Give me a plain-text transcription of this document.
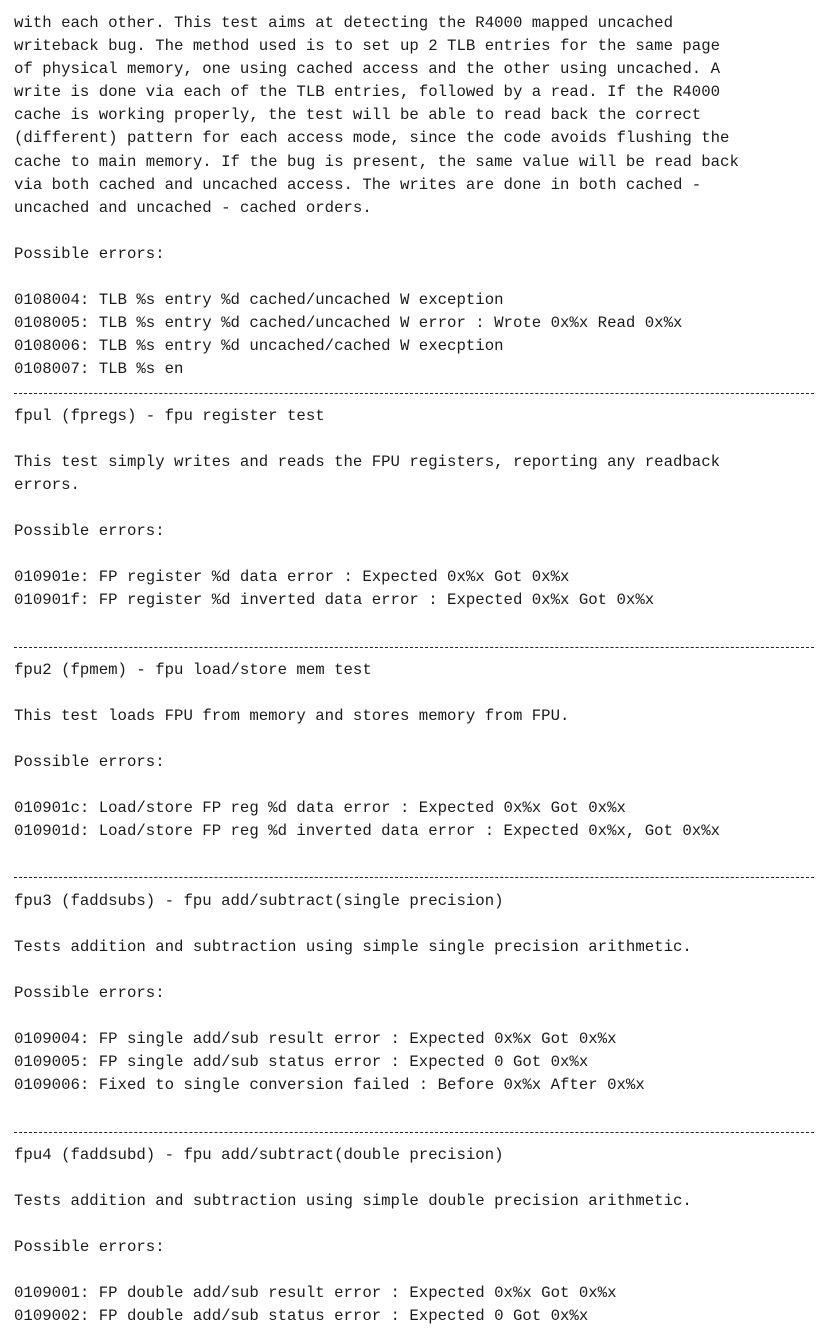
with each other. This test aims at detecting the R4000 mapped uncached
writeback bug. The method used is to set up 2 TLB entries for the same page
of physical memory, one using cached access and the other using uncached. A
write is done via each of the TLB entries, followed by a read. If the R4000
cache is working properly, the test will be able to read back the correct
(different) pattern for each access mode, since the code avoids flushing the
cache to main memory. If the bug is present, the same value will be read back
via both cached and uncached access. The writes are done in both cached -
uncached and uncached - cached orders.
Possible errors:
0108004: TLB %s entry %d cached/uncached W exception
0108005: TLB %s entry %d cached/uncached W error : Wrote 0x%x Read 0x%x
0108006: TLB %s entry %d uncached/cached W execption
0108007: TLB %s en
fpul (fpregs) - fpu register test
This test simply writes and reads the FPU registers, reporting any readback
errors.
Possible errors:
010901e: FP register %d data error : Expected 0x%x Got 0x%x
010901f: FP register %d inverted data error : Expected 0x%x Got 0x%x
fpu2 (fpmem) - fpu load/store mem test
This test loads FPU from memory and stores memory from FPU.
Possible errors:
010901c: Load/store FP reg %d data error : Expected 0x%x Got 0x%x
010901d: Load/store FP reg %d inverted data error : Expected 0x%x, Got 0x%x
fpu3 (faddsubs) - fpu add/subtract(single precision)
Tests addition and subtraction using simple single precision arithmetic.
Possible errors:
0109004: FP single add/sub result error : Expected 0x%x Got 0x%x
0109005: FP single add/sub status error : Expected 0 Got 0x%x
0109006: Fixed to single conversion failed : Before 0x%x After 0x%x
fpu4 (faddsubd) - fpu add/subtract(double precision)
Tests addition and subtraction using simple double precision arithmetic.
Possible errors:
0109001: FP double add/sub result error : Expected 0x%x Got 0x%x
0109002: FP double add/sub status error : Expected 0 Got 0x%x
